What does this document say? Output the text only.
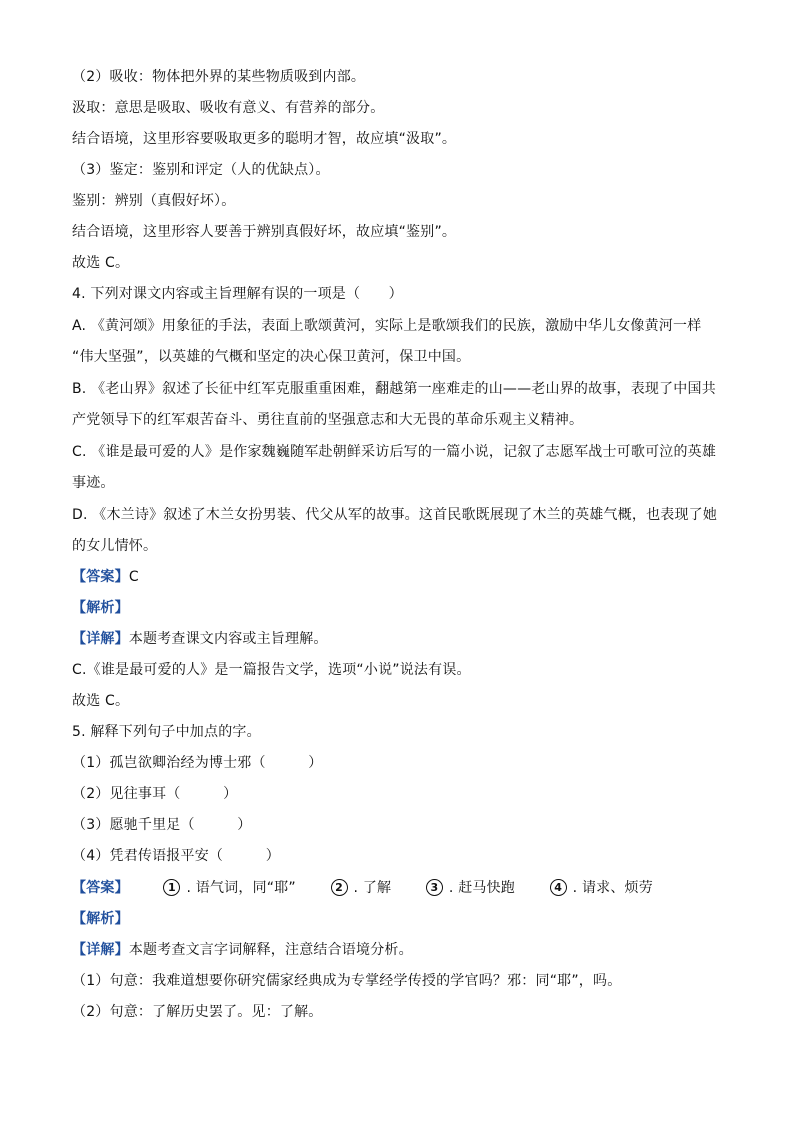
（2）吸收：物体把外界的某些物质吸到内部。
汲取：意思是吸取、吸收有意义、有营养的部分。
结合语境，这里形容要吸取更多的聪明才智，故应填“汲取”。
（3）鉴定：鉴别和评定（人的优缺点）。
鉴别：辨别（真假好坏）。
结合语境，这里形容人要善于辨别真假好坏，故应填“鉴别”。
故选 C。
4. 下列对课文内容或主旨理解有误的一项是（　　）
A. 《黄河颂》用象征的手法，表面上歌颂黄河，实际上是歌颂我们的民族，激励中华儿女像黄河一样
“伟大坚强”，以英雄的气概和坚定的决心保卫黄河，保卫中国。
B. 《老山界》叙述了长征中红军克服重重困难，翻越第一座难走的山——老山界的故事，表现了中国共
产党领导下的红军艰苦奋斗、勇往直前的坚强意志和大无畏的革命乐观主义精神。
C. 《谁是最可爱的人》是作家魏巍随军赴朝鲜采访后写的一篇小说，记叙了志愿军战士可歌可泣的英雄
事迹。
D. 《木兰诗》叙述了木兰女扮男装、代父从军的故事。这首民歌既展现了木兰的英雄气概，也表现了她
的女儿情怀。
【答案】C
【解析】
【详解】本题考查课文内容或主旨理解。
C.《谁是最可爱的人》是一篇报告文学，选项“小说”说法有误。
故选 C。
5. 解释下列句子中加点的字。
（1）孤岂欲卿治经为博士邪（　　　）
（2）见往事耳（　　　）
（3）愿驰千里足（　　　）
（4）凭君传语报平安（　　　）
【答案】	1 . 语气词，同“耶”	2 . 了解	3 . 赶马快跑	4 . 请求、烦劳
【解析】
【详解】本题考查文言字词解释，注意结合语境分析。
（1）句意：我难道想要你研究儒家经典成为专掌经学传授的学官吗？邪：同“耶”，吗。
（2）句意：了解历史罢了。见：了解。
